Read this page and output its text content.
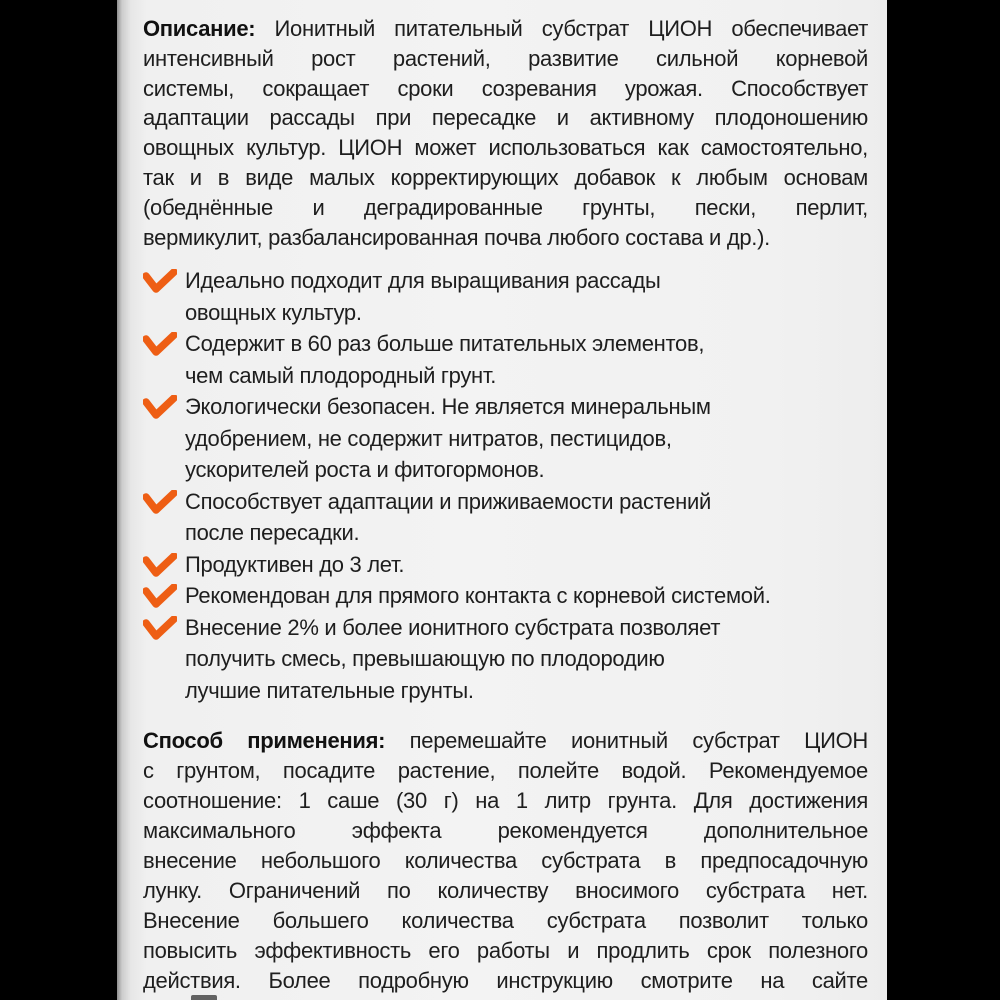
Описание: Ионитный питательный субстрат ЦИОН обеспечивает
интенсивный рост растений, развитие сильной корневой
системы, сокращает сроки созревания урожая. Способствует
адаптации рассады при пересадке и активному плодоношению
овощных культур. ЦИОН может использоваться как самостоятельно,
так и в виде малых корректирующих добавок к любым основам
(обеднённые и деградированные грунты, пески, перлит,
вермикулит, разбалансированная почва любого состава и др.).
Идеально подходит для выращивания рассады
овощных культур.
Содержит в 60 раз больше питательных элементов,
чем самый плодородный грунт.
Экологически безопасен. Не является минеральным
удобрением, не содержит нитратов, пестицидов,
ускорителей роста и фитогормонов.
Способствует адаптации и приживаемости растений
после пересадки.
Продуктивен до 3 лет.
Рекомендован для прямого контакта с корневой системой.
Внесение 2% и более ионитного субстрата позволяет
получить смесь, превышающую по плодородию
лучшие питательные грунты.
Способ применения: перемешайте ионитный субстрат ЦИОН
с грунтом, посадите растение, полейте водой. Рекомендуемое
соотношение: 1 саше (30 г) на 1 литр грунта. Для достижения
максимального эффекта рекомендуется дополнительное
внесение небольшого количества субстрата в предпосадочную
лунку. Ограничений по количеству вносимого субстрата нет.
Внесение большего количества субстрата позволит только
повысить эффективность его работы и продлить срок полезного
действия. Более подробную инструкцию смотрите на сайте
